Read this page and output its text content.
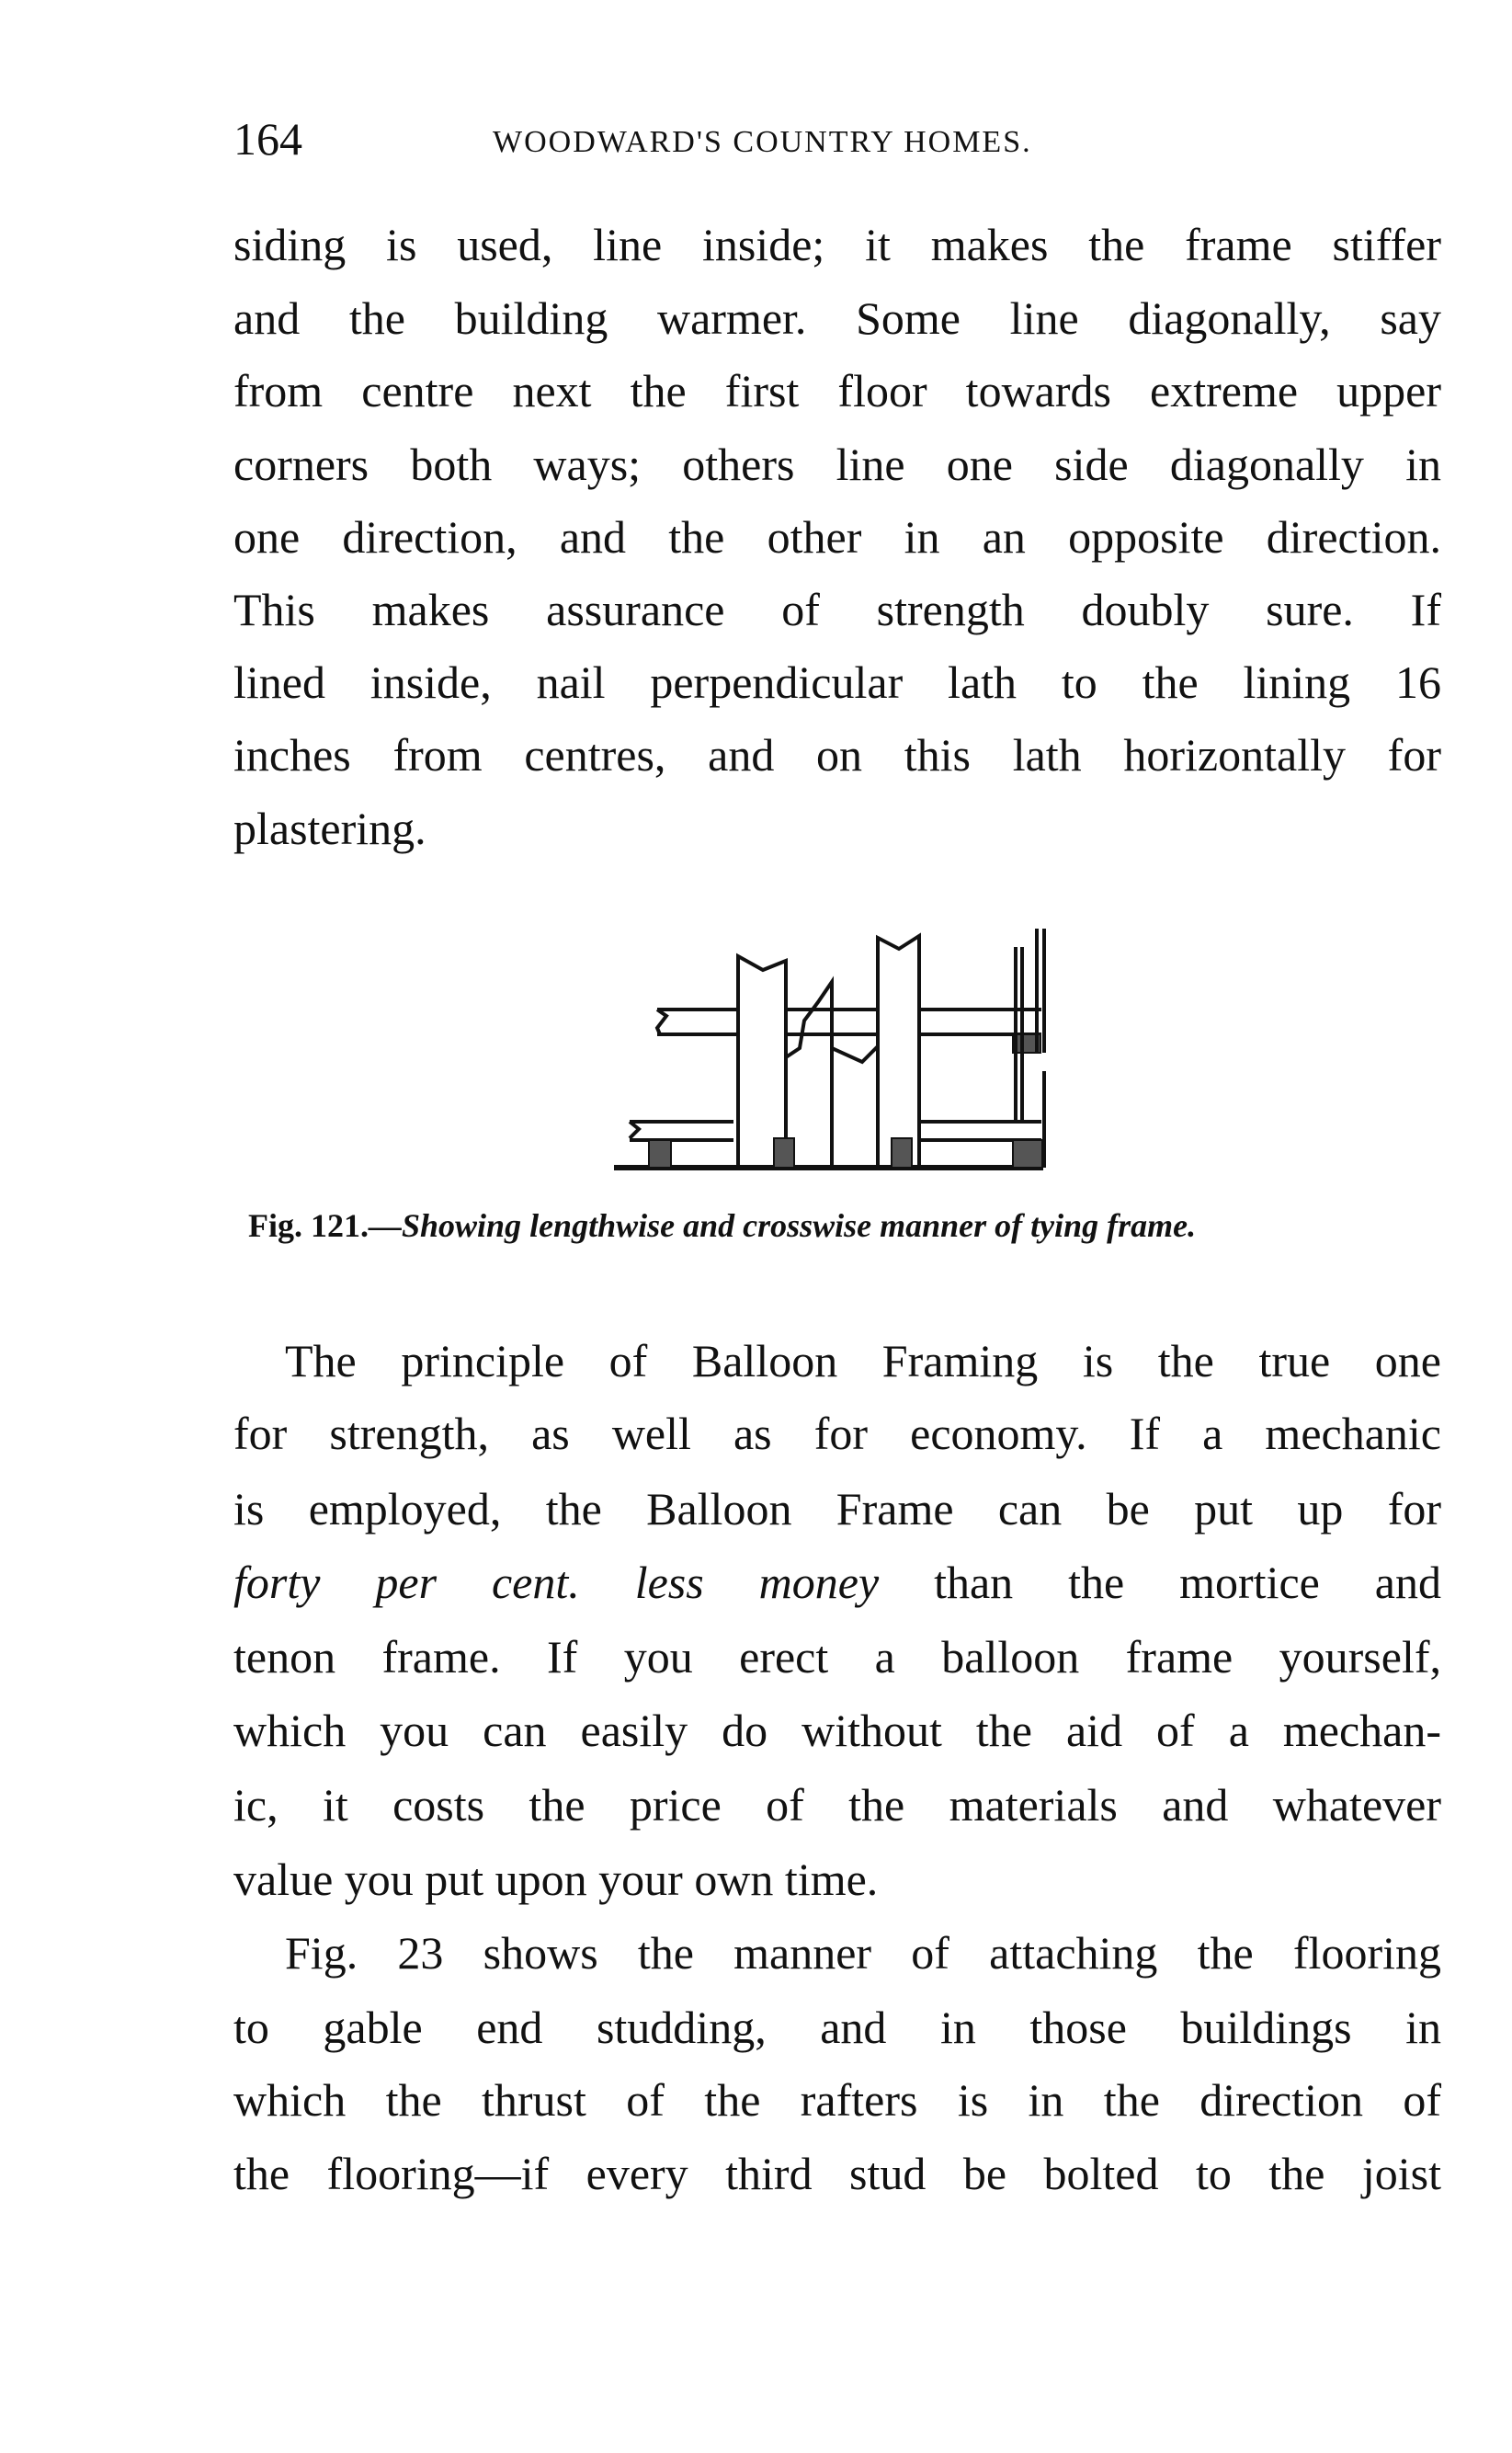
164	WOODWARD'S COUNTRY HOMES.
siding is used, line inside; it makes the frame stiffer
and the building warmer. Some line diagonally, say
from centre next the first floor towards extreme upper
corners both ways; others line one side diagonally in
one direction, and the other in an opposite direction.
This makes assurance of strength doubly sure. If
lined inside, nail perpendicular lath to the lining 16
inches from centres, and on this lath horizontally for
plastering.
Fig. 121.—Showing lengthwise and crosswise manner of tying frame.
The principle of Balloon Framing is the true one
for strength, as well as for economy. If a mechanic
is employed, the Balloon Frame can be put up for
forty per cent. less money than the mortice and
tenon frame. If you erect a balloon frame yourself,
which you can easily do without the aid of a mechan-
ic, it costs the price of the materials and whatever
value you put upon your own time.
Fig. 23 shows the manner of attaching the flooring
to gable end studding, and in those buildings in
which the thrust of the rafters is in the direction of
the flooring—if every third stud be bolted to the joist
